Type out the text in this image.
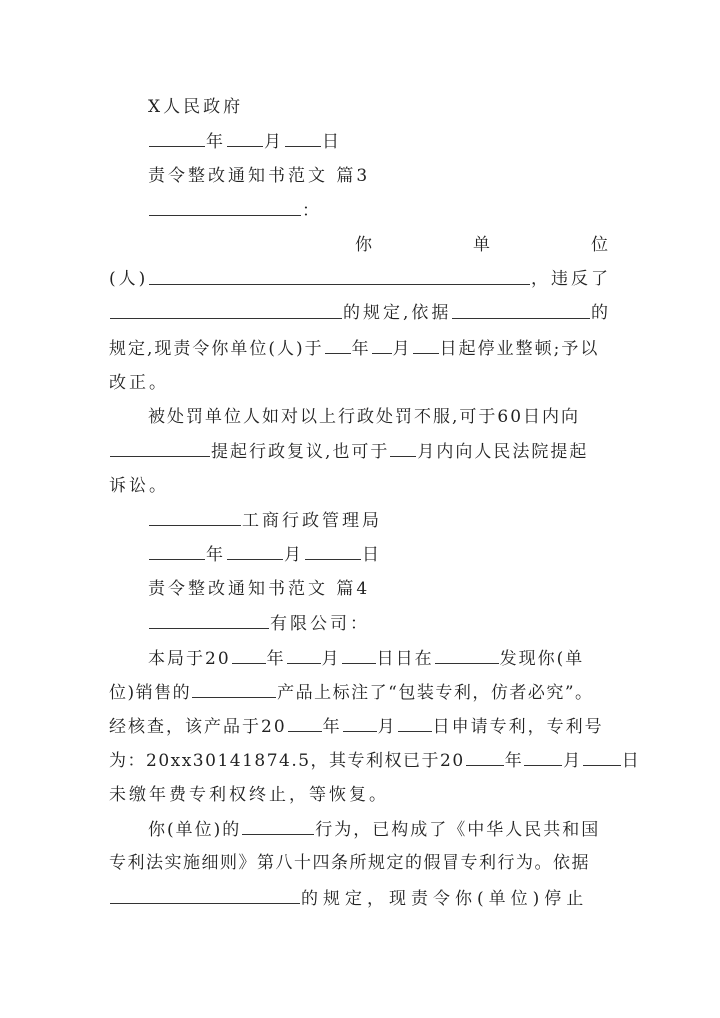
X人民政府
年 月 日
责令整改通知书范文 篇3
：
你	单	位
(人)	，违反了
的规定,依据	的
规定,现责令你单位(人)于 年 月 日起停业整顿;予以
改正。
被处罚单位人如对以上行政处罚不服,可于60日内向
提起行政复议,也可于 月内向人民法院提起
诉讼。
工商行政管理局
年	月	日
责令整改通知书范文 篇4
有限公司：
本局于20 年 月 日日在	发现你(单
位)销售的	产品上标注了“包装专利，仿者必究”。
经核查，该产品于20 年 月 日申请专利，专利号
为：20xx30141874.5，其专利权已于20 年 月 日
未缴年费专利权终止，等恢复。
你(单位)的	行为，已构成了《中华人民共和国
专利法实施细则》第八十四条所规定的假冒专利行为。依据
的规定，现责令你(单位)停止
